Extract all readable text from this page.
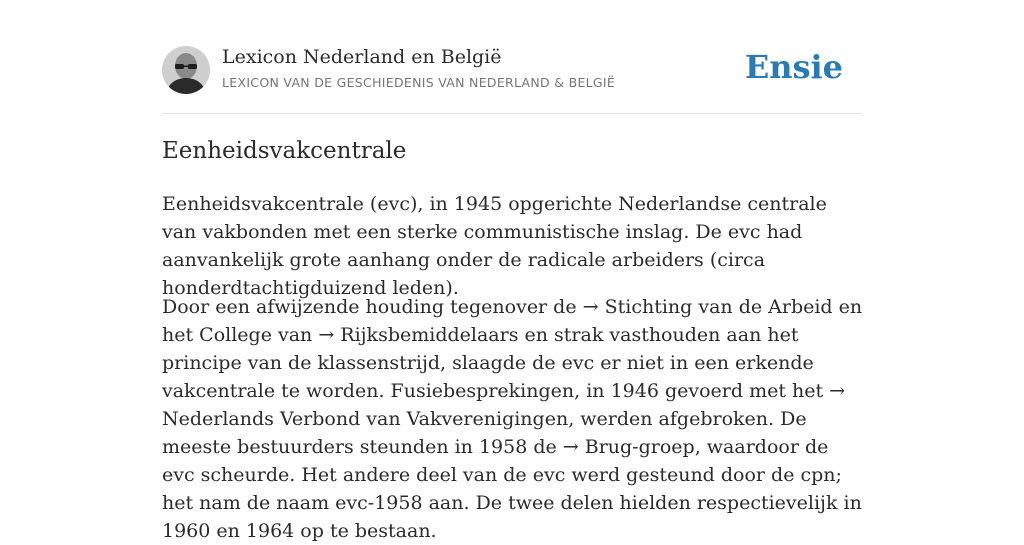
Lexicon Nederland en België
LEXICON VAN DE GESCHIEDENIS VAN NEDERLAND & BELGIË	Ensie
Eenheidsvakcentrale

Eenheidsvakcentrale (evc), in 1945 opgerichte Nederlandse centrale van vakbonden met een sterke communistische inslag. De evc had aanvankelijk grote aanhang onder de radicale arbeiders (circa honderdtachtigduizend leden).

Door een afwijzende houding tegenover de → Stichting van de Arbeid en het College van → Rijksbemiddelaars en strak vasthouden aan het principe van de klassenstrijd, slaagde de evc er niet in een erkende vakcentrale te worden. Fusiebesprekingen, in 1946 gevoerd met het → Nederlands Verbond van Vakverenigingen, werden afgebroken. De meeste bestuurders steunden in 1958 de → Brug-groep, waardoor de evc scheurde. Het andere deel van de evc werd gesteund door de cpn; het nam de naam evc-1958 aan. De twee delen hielden respectievelijk in 1960 en 1964 op te bestaan.
